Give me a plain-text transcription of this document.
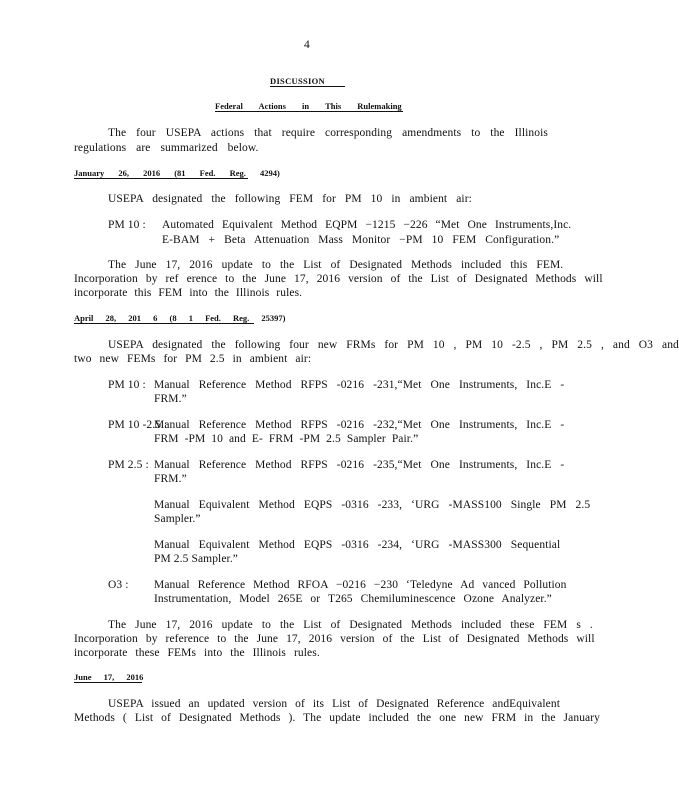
4
DISCUSSION
Federal Actions in This Rulemaking
The four USEPA actions that require corresponding amendments to the Illinois
regulations are summarized below.
January 26, 2016 (81 Fed. Reg. 4294)
USEPA designated the following FEM for PM 10 in ambient air:
PM 10 : Automated Equivalent Method EQPM −1215 −226 “Met One Instruments,Inc.
E-BAM + Beta Attenuation Mass Monitor −PM 10 FEM Configuration.”
The June 17, 2016 update to the List of Designated Methods included this FEM.
Incorporation by ref erence to the June 17, 2016 version of the List of Designated Methods will
incorporate this FEM into the Illinois rules.
April 28, 201 6 (8 1 Fed. Reg. 25397)
USEPA designated the following four new FRMs for PM 10 , PM 10 -2.5 , PM 2.5 , and O3 and
two new FEMs for PM 2.5 in ambient air:
PM 10 : Manual Reference Method RFPS -0216 -231,“Met One Instruments, Inc.E -
FRM.”
PM 10 -2.5 :
Manual Reference Method RFPS -0216 -232,“Met One Instruments, Inc.E -
FRM -PM 10 and E- FRM -PM 2.5 Sampler Pair.”
PM 2.5 : Manual Reference Method RFPS -0216 -235,“Met One Instruments, Inc.E -
FRM.”
Manual Equivalent Method EQPS -0316 -233, ‘URG -MASS100 Single PM 2.5
Sampler.”
Manual Equivalent Method EQPS -0316 -234, ‘URG -MASS300 Sequential
PM 2.5 Sampler.”
O3 : Manual Reference Method RFOA −0216 −230 ‘Teledyne Ad vanced Pollution
Instrumentation, Model 265E or T265 Chemiluminescence Ozone Analyzer.”
The June 17, 2016 update to the List of Designated Methods included these FEM s .
Incorporation by reference to the June 17, 2016 version of the List of Designated Methods will
incorporate these FEMs into the Illinois rules.
June 17, 2016
USEPA issued an updated version of its List of Designated Reference andEquivalent
Methods ( List of Designated Methods ). The update included the one new FRM in the January
